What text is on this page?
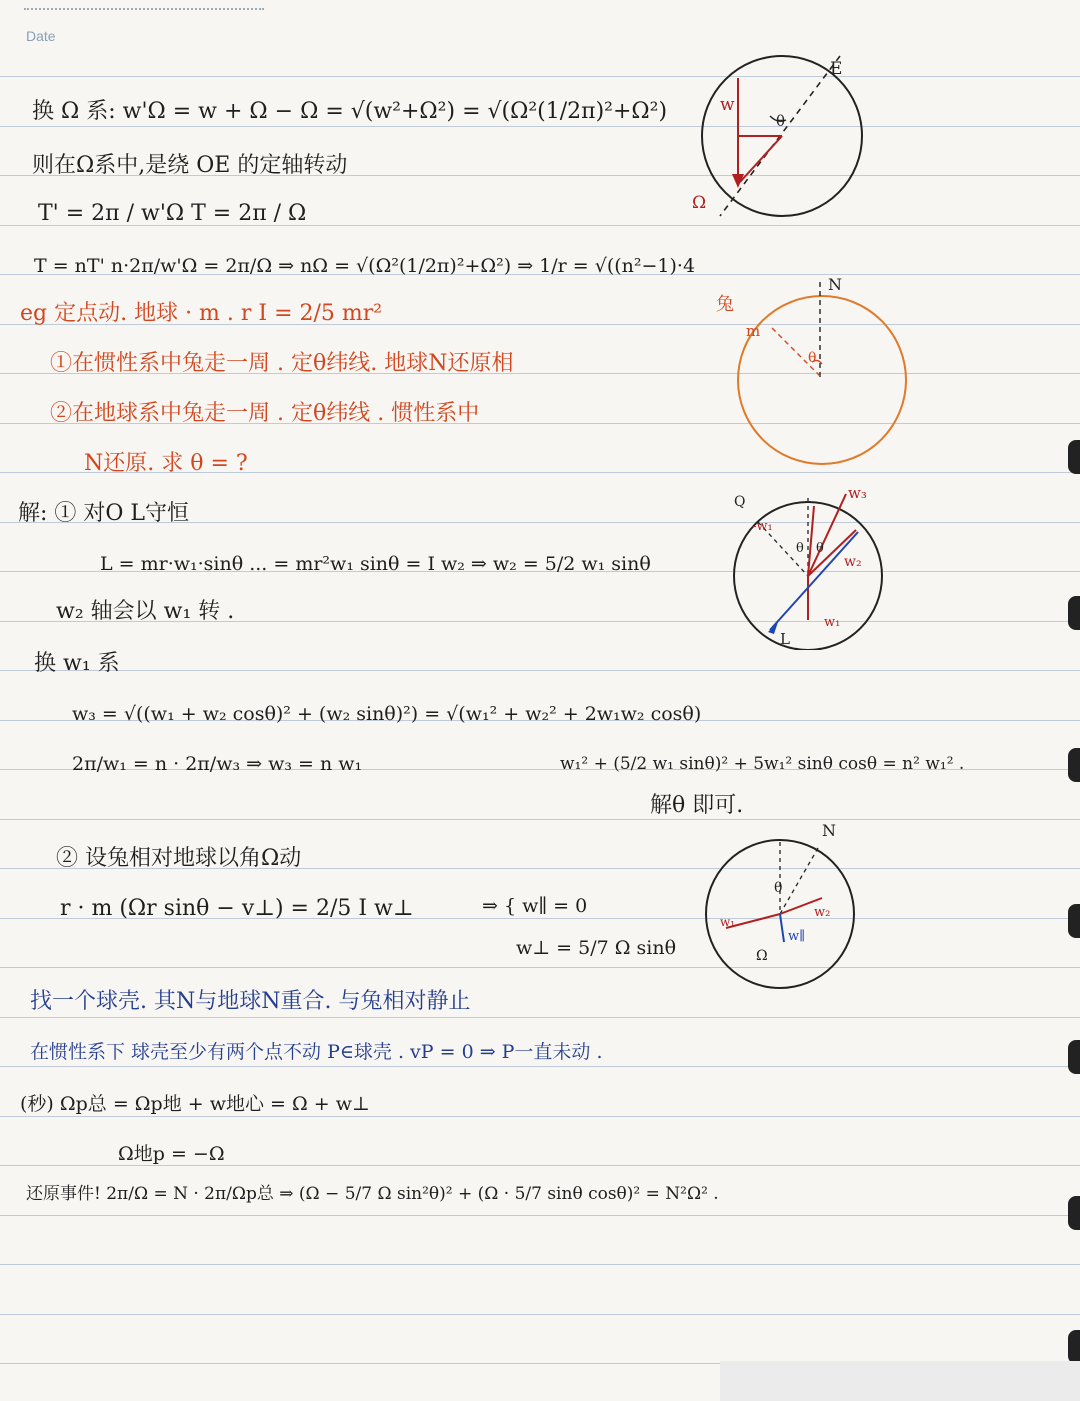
Date
换 Ω 系: w'Ω = w + Ω − Ω = √(w²+Ω²) = √(Ω²(1/2π)²+Ω²)
则在Ω系中,是绕 OE 的定轴转动
T' = 2π / w'Ω T = 2π / Ω
T = nT' n·2π/w'Ω = 2π/Ω ⇒ nΩ = √(Ω²(1/2π)²+Ω²) ⇒ 1/r = √((n²−1)·4
eg 定点动. 地球 · m . r I = 2/5 mr²
①在惯性系中兔走一周 . 定θ纬线. 地球N还原相
②在地球系中兔走一周 . 定θ纬线 . 惯性系中
N还原. 求 θ = ?
解: ① 对O L守恒
L = mr·w₁·sinθ ... = mr²w₁ sinθ = I w₂ ⇒ w₂ = 5/2 w₁ sinθ
w₂ 轴会以 w₁ 转 .
换 w₁ 系
w₃ = √((w₁ + w₂ cosθ)² + (w₂ sinθ)²) = √(w₁² + w₂² + 2w₁w₂ cosθ)
2π/w₁ = n · 2π/w₃ ⇒ w₃ = n w₁	w₁² + (5/2 w₁ sinθ)² + 5w₁² sinθ cosθ = n² w₁² .
解θ 即可.
② 设兔相对地球以角Ω动
r · m (Ωr sinθ − v⊥) = 2/5 I w⊥	⇒ { w∥ = 0
w⊥ = 5/7 Ω sinθ
找一个球壳. 其N与地球N重合. 与兔相对静止
在惯性系下 球壳至少有两个点不动 P∈球壳 . vP = 0 ⇒ P一直未动 .
(秒) Ωp总 = Ωp地 + w地心 = Ω + w⊥
Ω地p = −Ω
还原事件! 2π/Ω = N · 2π/Ωp总 ⇒ (Ω − 5/7 Ω sin²θ)² + (Ω · 5/7 sinθ cosθ)² = N²Ω² .
w
E
θ
Ω
兔
N
m
θ
Q	w₃
-w₁
θ θ
w₂
L
w₁
N
θ
w₁
w₂
w∥
Ω
